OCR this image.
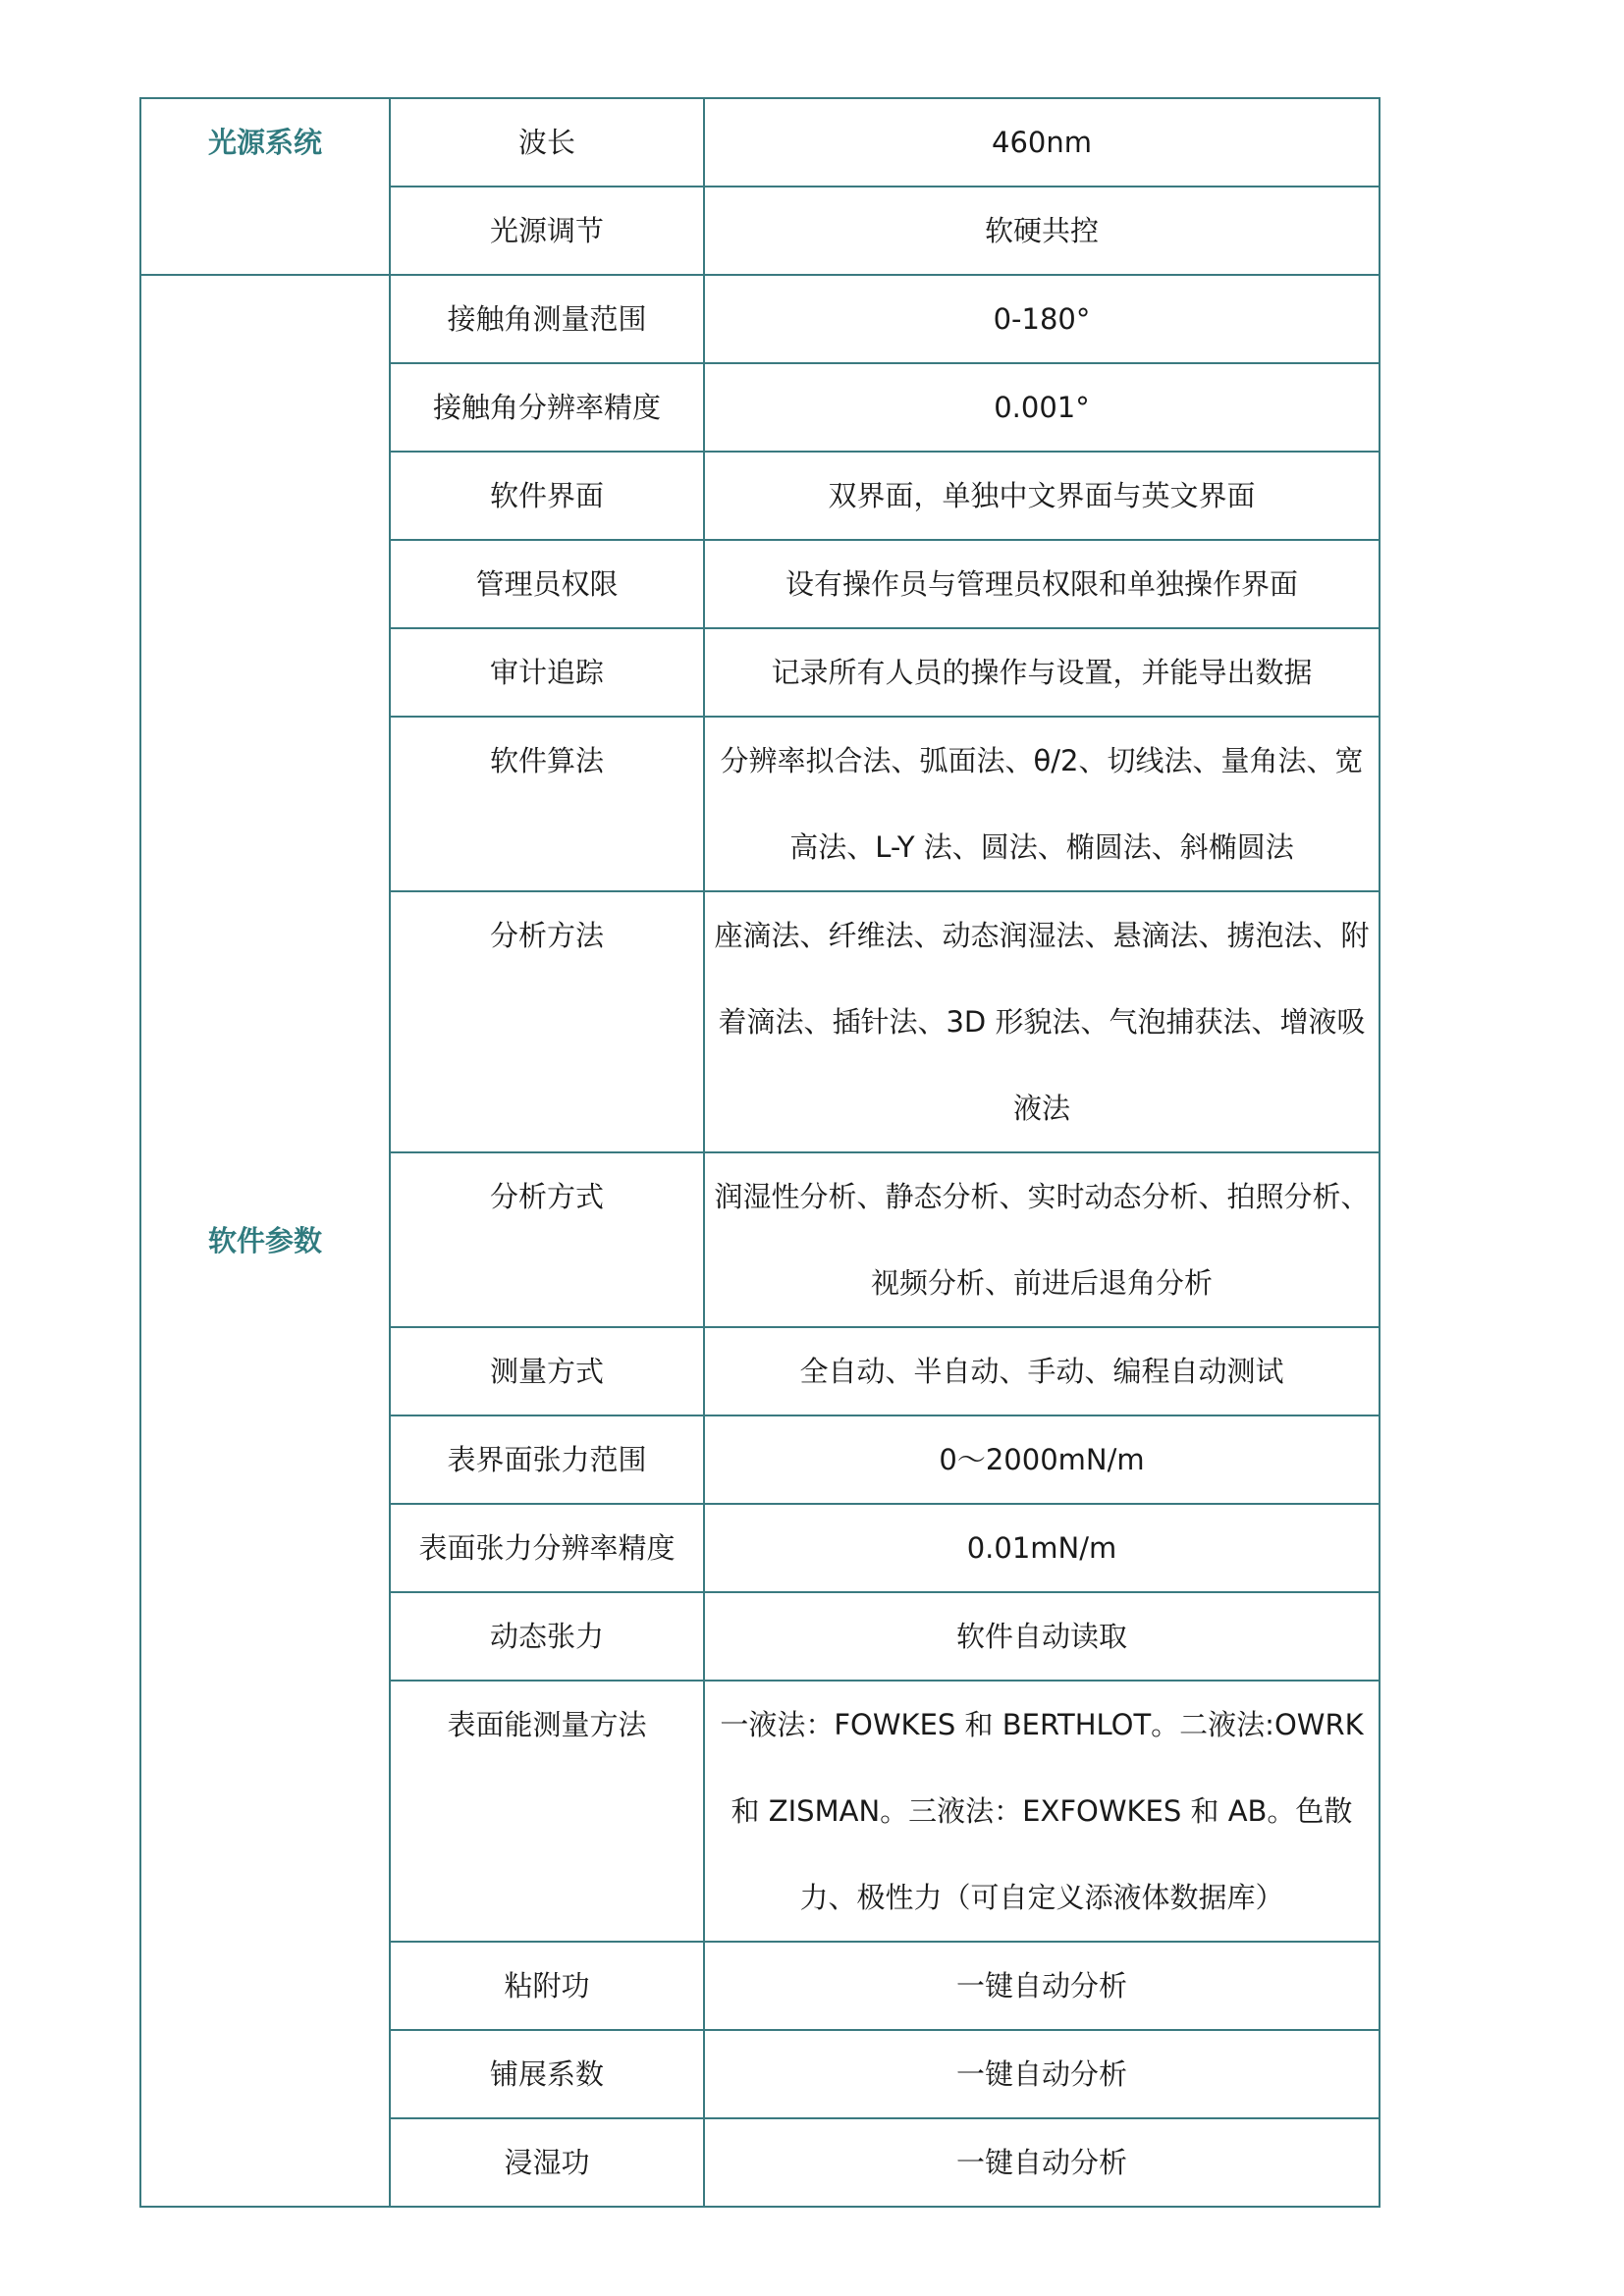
光源系统	波长	460nm
	光源调节	软硬共控
软件参数	接触角测量范围	0-180°
	接触角分辨率精度	0.001°
	软件界面	双界面，单独中文界面与英文界面
	管理员权限	设有操作员与管理员权限和单独操作界面
	审计追踪	记录所有人员的操作与设置，并能导出数据
	软件算法	分辨率拟合法、弧面法、θ/2、切线法、量角法、宽高法、L-Y 法、圆法、椭圆法、斜椭圆法
	分析方法	座滴法、纤维法、动态润湿法、悬滴法、掳泡法、附着滴法、插针法、3D 形貌法、气泡捕获法、增液吸液法
	分析方式	润湿性分析、静态分析、实时动态分析、拍照分析、视频分析、前进后退角分析
	测量方式	全自动、半自动、手动、编程自动测试
	表界面张力范围	0～2000mN/m
	表面张力分辨率精度	0.01mN/m
	动态张力	软件自动读取
	表面能测量方法	一液法：FOWKES 和 BERTHLOT。二液法:OWRK 和 ZISMAN。三液法：EXFOWKES 和 AB。色散力、极性力（可自定义添液体数据库）
	粘附功	一键自动分析
	铺展系数	一键自动分析
	浸湿功	一键自动分析
